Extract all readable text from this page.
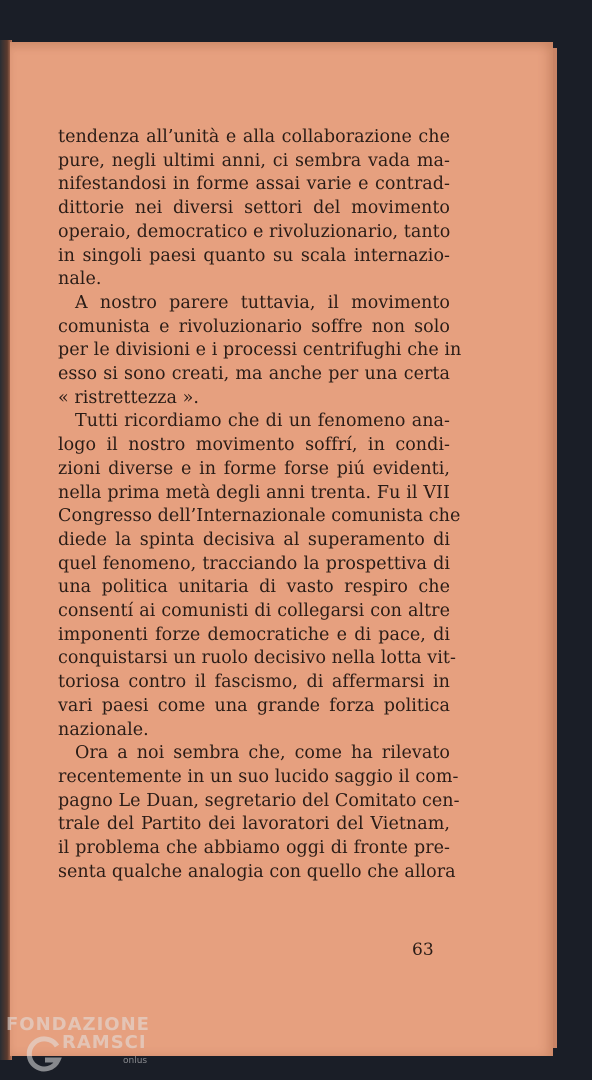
tendenza all’unità e alla collaborazione che
pure, negli ultimi anni, ci sembra vada ma-
nifestandosi in forme assai varie e contrad-
dittorie nei diversi settori del movimento
operaio, democratico e rivoluzionario, tanto
in singoli paesi quanto su scala internazio-
nale.
A nostro parere tuttavia, il movimento
comunista e rivoluzionario soffre non solo
per le divisioni e i processi centrifughi che in
esso si sono creati, ma anche per una certa
« ristrettezza ».
Tutti ricordiamo che di un fenomeno ana-
logo il nostro movimento soffrí, in condi-
zioni diverse e in forme forse piú evidenti,
nella prima metà degli anni trenta. Fu il VII
Congresso dell’Internazionale comunista che
diede la spinta decisiva al superamento di
quel fenomeno, tracciando la prospettiva di
una politica unitaria di vasto respiro che
consentí ai comunisti di collegarsi con altre
imponenti forze democratiche e di pace, di
conquistarsi un ruolo decisivo nella lotta vit-
toriosa contro il fascismo, di affermarsi in
vari paesi come una grande forza politica
nazionale.
Ora a noi sembra che, come ha rilevato
recentemente in un suo lucido saggio il com-
pagno Le Duan, segretario del Comitato cen-
trale del Partito dei lavoratori del Vietnam,
il problema che abbiamo oggi di fronte pre-
senta qualche analogia con quello che allora

63
FONDAZIONE
RAMSCI
onlus
